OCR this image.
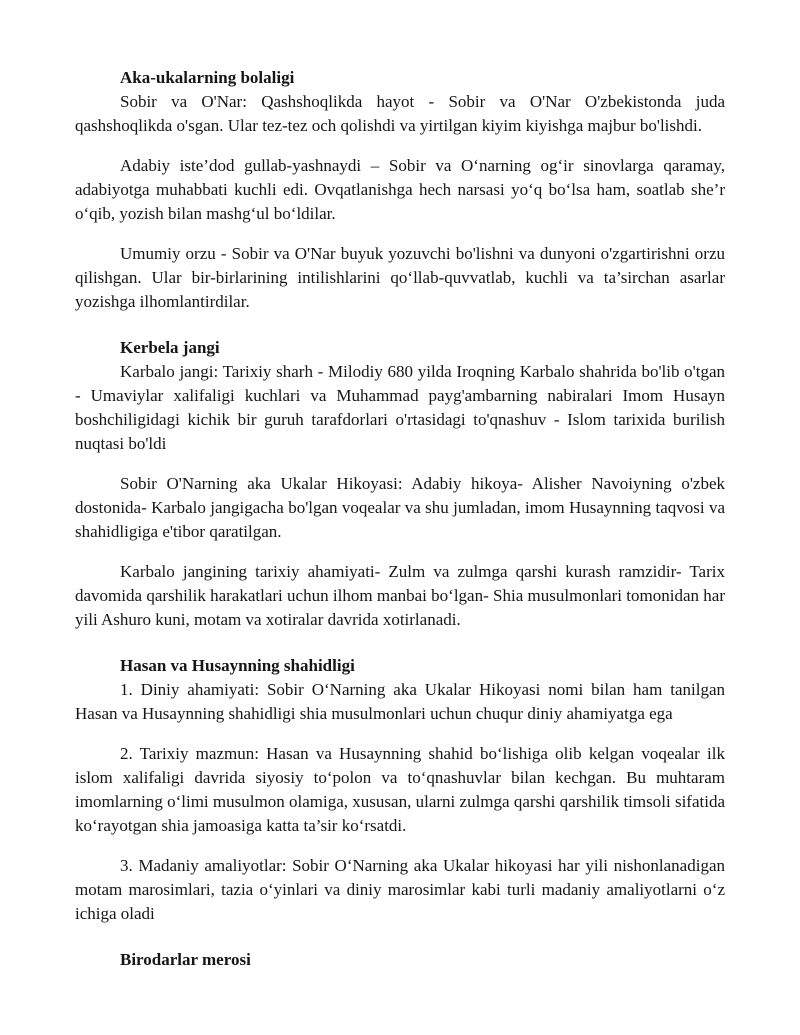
Aka-ukalarning bolaligi

Sobir va O'Nar: Qashshoqlikda hayot - Sobir va O'Nar O'zbekistonda juda qashshoqlikda o'sgan. Ular tez-tez och qolishdi va yirtilgan kiyim kiyishga majbur bo'lishdi.

Adabiy iste’dod gullab-yashnaydi – Sobir va Oʻnarning ogʻir sinovlarga qaramay, adabiyotga muhabbati kuchli edi. Ovqatlanishga hech narsasi yoʻq boʻlsa ham, soatlab she’r oʻqib, yozish bilan mashgʻul boʻldilar.

Umumiy orzu - Sobir va O'Nar buyuk yozuvchi bo'lishni va dunyoni o'zgartirishni orzu qilishgan. Ular bir-birlarining intilishlarini qoʻllab-quvvatlab, kuchli va ta’sirchan asarlar yozishga ilhomlantirdilar.

Kerbela jangi

Karbalo jangi: Tarixiy sharh - Milodiy 680 yilda Iroqning Karbalo shahrida bo'lib o'tgan - Umaviylar xalifaligi kuchlari va Muhammad payg'ambarning nabiralari Imom Husayn boshchiligidagi kichik bir guruh tarafdorlari o'rtasidagi to'qnashuv - Islom tarixida burilish nuqtasi bo'ldi

Sobir O'Narning aka Ukalar Hikoyasi: Adabiy hikoya- Alisher Navoiyning o'zbek dostonida- Karbalo jangigacha bo'lgan voqealar va shu jumladan, imom Husaynning taqvosi va shahidligiga e'tibor qaratilgan.

Karbalo jangining tarixiy ahamiyati- Zulm va zulmga qarshi kurash ramzidir- Tarix davomida qarshilik harakatlari uchun ilhom manbai boʻlgan- Shia musulmonlari tomonidan har yili Ashuro kuni, motam va xotiralar davrida xotirlanadi.

Hasan va Husaynning shahidligi

1. Diniy ahamiyati: Sobir OʻNarning aka Ukalar Hikoyasi nomi bilan ham tanilgan Hasan va Husaynning shahidligi shia musulmonlari uchun chuqur diniy ahamiyatga ega

2. Tarixiy mazmun: Hasan va Husaynning shahid boʻlishiga olib kelgan voqealar ilk islom xalifaligi davrida siyosiy toʻpolon va toʻqnashuvlar bilan kechgan. Bu muhtaram imomlarning oʻlimi musulmon olamiga, xususan, ularni zulmga qarshi qarshilik timsoli sifatida koʻrayotgan shia jamoasiga katta ta’sir koʻrsatdi.

3. Madaniy amaliyotlar: Sobir OʻNarning aka Ukalar hikoyasi har yili nishonlanadigan motam marosimlari, tazia oʻyinlari va diniy marosimlar kabi turli madaniy amaliyotlarni oʻz ichiga oladi

Birodarlar merosi
